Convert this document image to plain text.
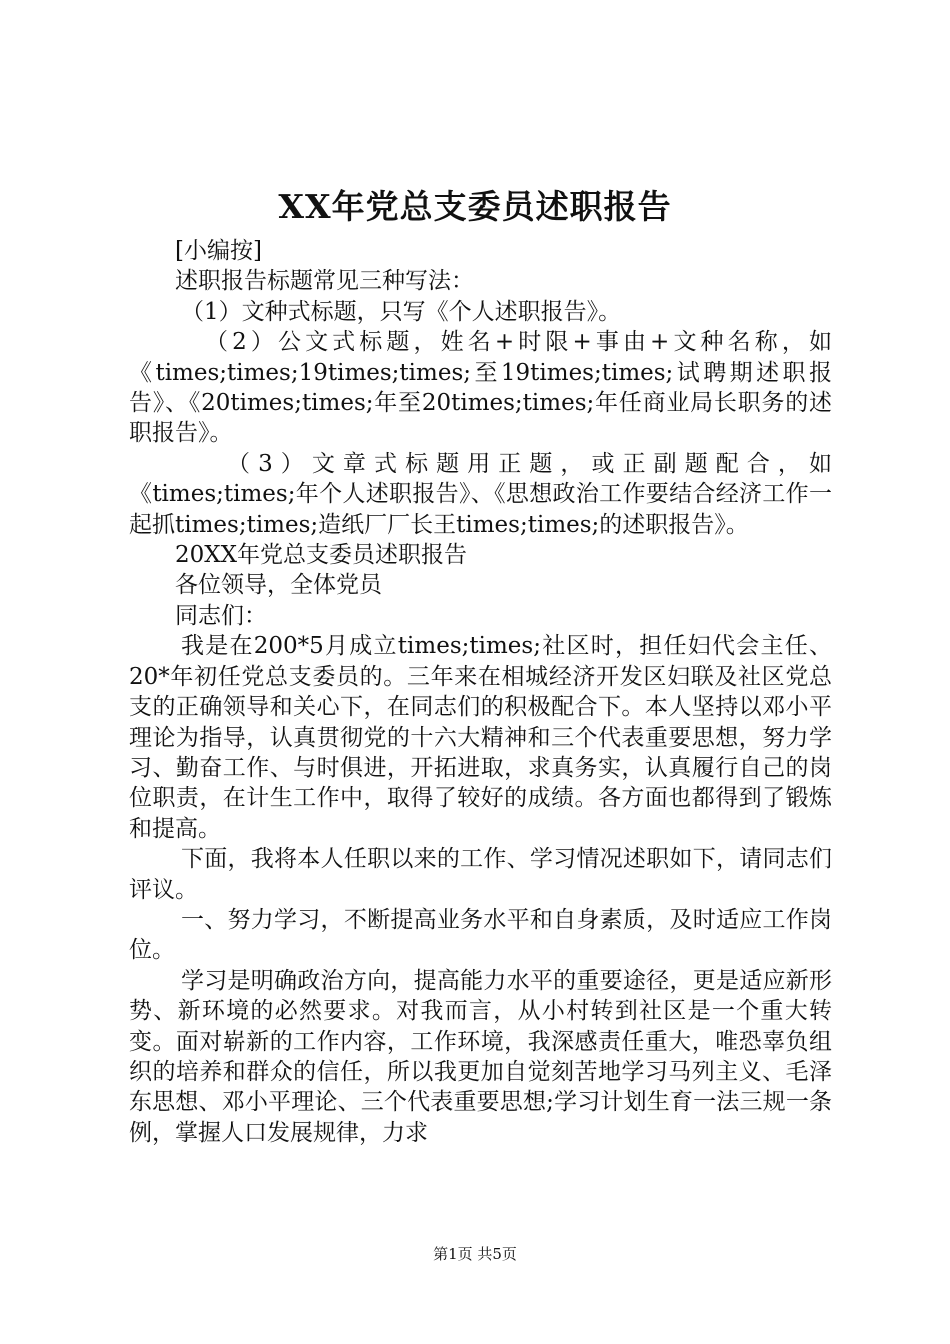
XX年党总支委员述职报告

[小编按]

述职报告标题常见三种写法：

（1）文种式标题，只写《个人述职报告》。

（2）公文式标题，姓名+时限+事由+文种名称，如《times;times;19times;times;至19times;times;试聘期述职报告》、《20times;times;年至20times;times;年任商业局长职务的述职报告》。

（3）文章式标题用正题，或正副题配合，如《times;times;年个人述职报告》、《思想政治工作要结合经济工作一起抓times;times;造纸厂厂长王times;times;的述职报告》。

20XX年党总支委员述职报告

各位领导，全体党员

同志们：

我是在200*5月成立times;times;社区时，担任妇代会主任、20*年初任党总支委员的。三年来在相城经济开发区妇联及社区党总支的正确领导和关心下，在同志们的积极配合下。本人坚持以邓小平理论为指导，认真贯彻党的十六大精神和三个代表重要思想，努力学习、勤奋工作、与时俱进，开拓进取，求真务实，认真履行自己的岗位职责，在计生工作中，取得了较好的成绩。各方面也都得到了锻炼和提高。

下面，我将本人任职以来的工作、学习情况述职如下，请同志们评议。

一、努力学习，不断提高业务水平和自身素质，及时适应工作岗位。

学习是明确政治方向，提高能力水平的重要途径，更是适应新形势、新环境的必然要求。对我而言，从小村转到社区是一个重大转变。面对崭新的工作内容，工作环境，我深感责任重大，唯恐辜负组织的培养和群众的信任，所以我更加自觉刻苦地学习马列主义、毛泽东思想、邓小平理论、三个代表重要思想;学习计划生育一法三规一条例，掌握人口发展规律，力求

第1页 共5页
